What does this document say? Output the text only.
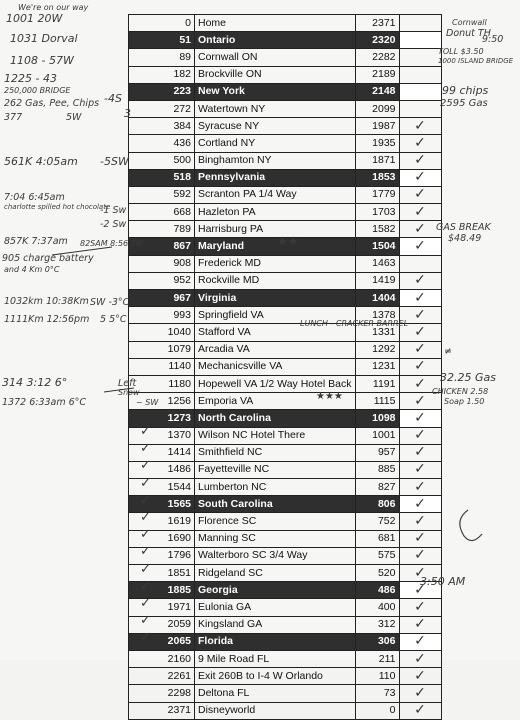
0	Home	2371	
51	Ontario	2320	
89	Cornwall ON	2282	
182	Brockville ON	2189	
223	New York	2148	
272	Watertown NY	2099	
384	Syracuse NY	1987	✓
436	Cortland NY	1935	✓
500	Binghamton NY	1871	✓
518	Pennsylvania	1853	✓
592	Scranton PA 1/4 Way	1779	✓
668	Hazleton PA	1703	✓
789	Harrisburg PA	1582	✓
867	Maryland	1504	✓
908	Frederick MD	1463	
952	Rockville MD	1419	✓
967	Virginia	1404	✓
993	Springfield VA	1378	✓
1040	Stafford VA	1331	✓
1079	Arcadia VA	1292	✓
1140	Mechanicsville VA	1231	✓
1180	Hopewell VA 1/2 Way Hotel Back	1191	✓
1256	Emporia VA	1115	✓
1273	North Carolina	1098	✓
1370	Wilson NC Hotel There	1001	✓
1414	Smithfield NC	957	✓
1486	Fayetteville NC	885	✓
1544	Lumberton NC	827	✓
1565	South Carolina	806	✓
1619	Florence SC	752	✓
1690	Manning SC	681	✓
1796	Walterboro SC 3/4 Way	575	✓
1851	Ridgeland SC	520	✓
1885	Georgia	486	✓
1971	Eulonia GA	400	✓
2059	Kingsland GA	312	✓
2065	Florida	306	✓
2160	9 Mile Road FL	211	✓
2261	Exit 260B to I-4 W Orlando	110	✓
2298	Deltona FL	73	✓
2371	Disneyworld	0	✓
We're on our way
1001 20W
1031 Dorval
1108 - 57W
1225 - 43
250,000 BRIDGE
262 Gas, Pee, Chips
377	5W
-4S
3
561K 4:05am -5SW
7:04 6:45am
charlotte spilled hot chocolate
857K 7:37am
905 charge battery
and 4 Km 0°C
-1 Sw
-2 Sw
82SAM 8:56 SW
1032km 10:38Km
1111Km 12:56pm
SW -3°C
5 5°C
314 3:12 6°
1372 6:33am 6°C
Left
Snow
~ SW
LUNCH - CRACKER BARREL
★★
★★★
3:50 AM
Cornwall
Donut TH
9:50
TOLL $3.50
1000 ISLAND BRIDGE
99 chips
2595 Gas
GAS BREAK
$48.49
≠
32.25 Gas
CHICKEN 2.58
Soap 1.50
✓
✓
✓
✓
✓
✓
✓
✓
✓
✓
✓
✓
✓
